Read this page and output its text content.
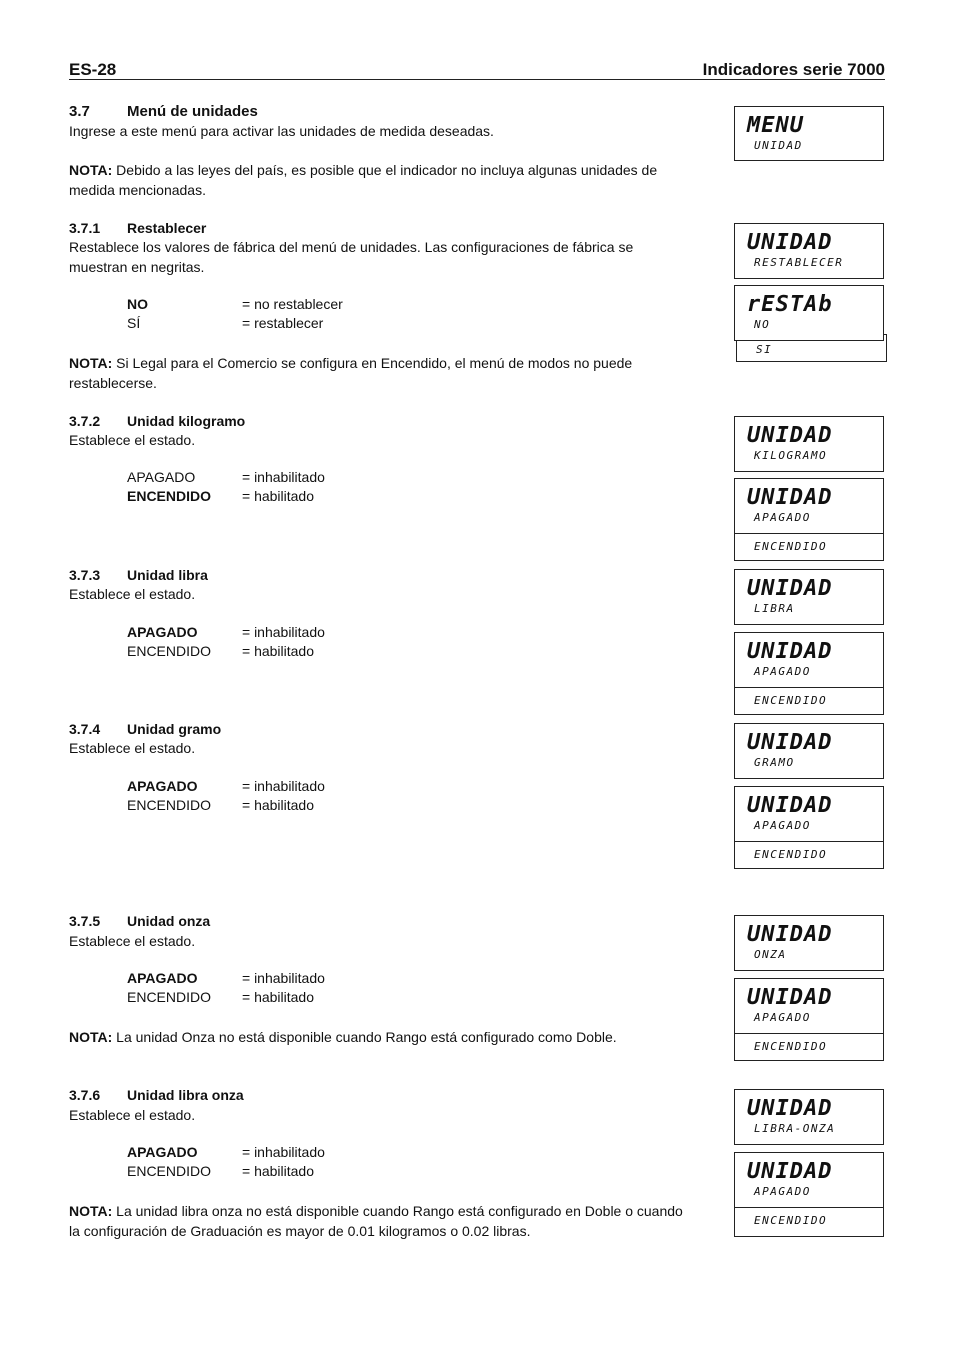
ES-28	Indicadores serie 7000
3.7 Menú de unidades
Ingrese a este menú para activar las unidades de medida deseadas.
NOTA: Debido a las leyes del país, es posible que el indicador no incluya algunas unidades de
medida mencionadas.
3.7.1 Restablecer
Restablece los valores de fábrica del menú de unidades. Las configuraciones de fábrica se
muestran en negritas.
NO	= no restablecer
SÍ	= restablecer
NOTA: Si Legal para el Comercio se configura en Encendido, el menú de modos no puede
restablecerse.
3.7.2 Unidad kilogramo
Establece el estado.
APAGADO	= inhabilitado
ENCENDIDO = habilitado
3.7.3 Unidad libra
Establece el estado.
APAGADO	= inhabilitado
ENCENDIDO = habilitado
3.7.4 Unidad gramo
Establece el estado.
APAGADO	= inhabilitado
ENCENDIDO = habilitado
3.7.5 Unidad onza
Establece el estado.
APAGADO	= inhabilitado
ENCENDIDO = habilitado
NOTA: La unidad Onza no está disponible cuando Rango está configurado como Doble.
3.7.6 Unidad libra onza
Establece el estado.
APAGADO	= inhabilitado
ENCENDIDO = habilitado
NOTA: La unidad libra onza no está disponible cuando Rango está configurado en Doble o cuando
la configuración de Graduación es mayor de 0.01 kilogramos o 0.02 libras.
MENU
UNIDAD
UNIDAD
RESTABLECER
SI
rESTAb
NO
UNIDAD
KILOGRAMO
UNIDAD
APAGADO
ENCENDIDO
UNIDAD
LIBRA
UNIDAD
APAGADO
ENCENDIDO
UNIDAD
GRAMO
UNIDAD
APAGADO
ENCENDIDO
UNIDAD
ONZA
UNIDAD
APAGADO
ENCENDIDO
UNIDAD
LIBRA-ONZA
UNIDAD
APAGADO
ENCENDIDO
